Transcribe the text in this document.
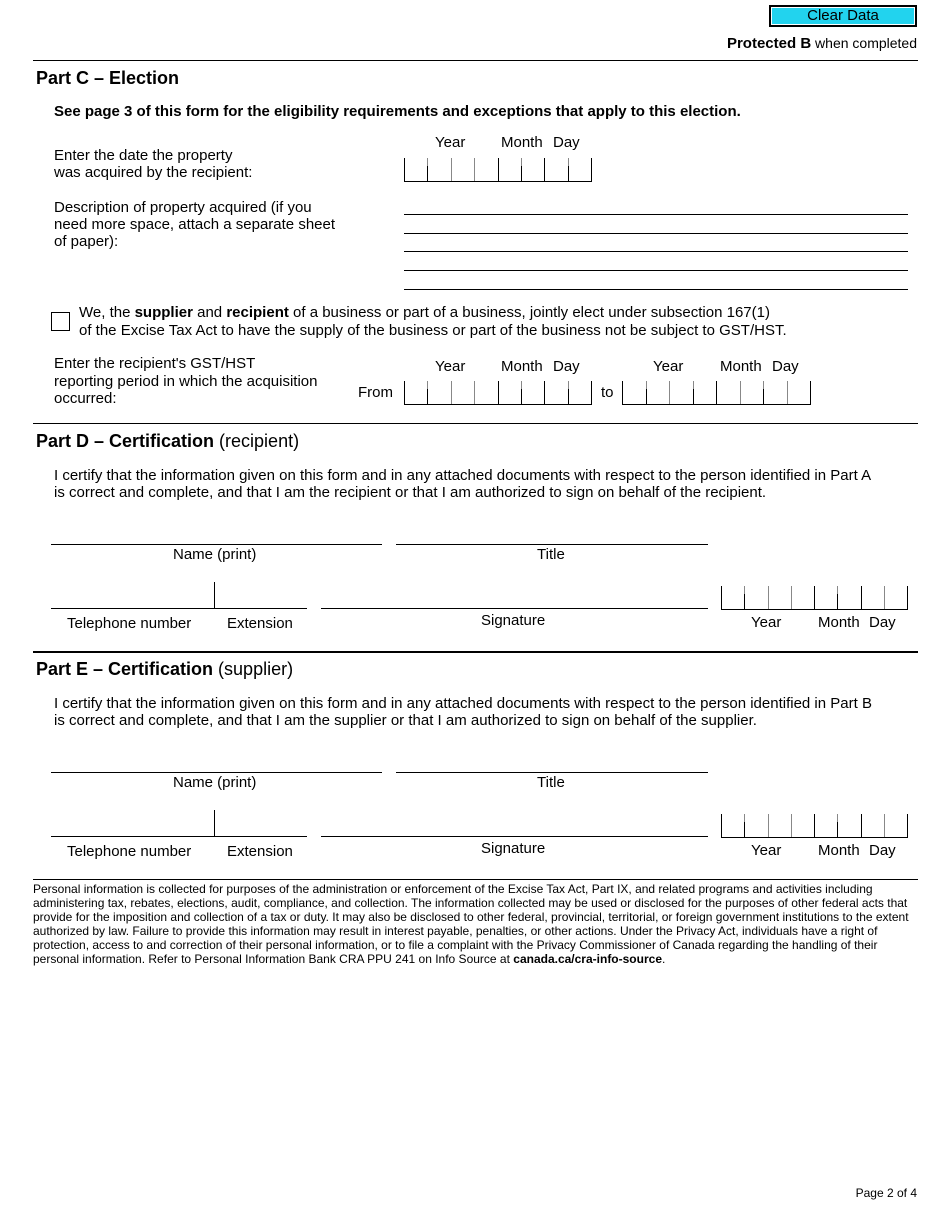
Clear Data
Protected B when completed
Part C – Election
See page 3 of this form for the eligibility requirements and exceptions that apply to this election.
Year Month Day
Enter the date the property
was acquired by the recipient:
Description of property acquired (if you
need more space, attach a separate sheet
of paper):
We, the supplier and recipient of a business or part of a business, jointly elect under subsection 167(1)
of the Excise Tax Act to have the supply of the business or part of the business not be subject to GST/HST.
Enter the recipient's GST/HST
reporting period in which the acquisition
occurred:
Year Month Day	Year Month Day
From	to
Part D – Certification (recipient)
I certify that the information given on this form and in any attached documents with respect to the person identified in Part A
is correct and complete, and that I am the recipient or that I am authorized to sign on behalf of the recipient.
Name (print)	Title
Telephone number Extension	Signature	Year Month Day
Part E – Certification (supplier)
I certify that the information given on this form and in any attached documents with respect to the person identified in Part B
is correct and complete, and that I am the supplier or that I am authorized to sign on behalf of the supplier.
Name (print)	Title
Telephone number Extension	Signature	Year Month Day
Personal information is collected for purposes of the administration or enforcement of the Excise Tax Act, Part IX, and related programs and activities including administering tax, rebates, elections, audit, compliance, and collection. The information collected may be used or disclosed for the purposes of other federal acts that provide for the imposition and collection of a tax or duty. It may also be disclosed to other federal, provincial, territorial, or foreign government institutions to the extent authorized by law. Failure to provide this information may result in interest payable, penalties, or other actions. Under the Privacy Act, individuals have a right of protection, access to and correction of their personal information, or to file a complaint with the Privacy Commissioner of Canada regarding the handling of their personal information. Refer to Personal Information Bank CRA PPU 241 on Info Source at canada.ca/cra-info-source.
Page 2 of 4
